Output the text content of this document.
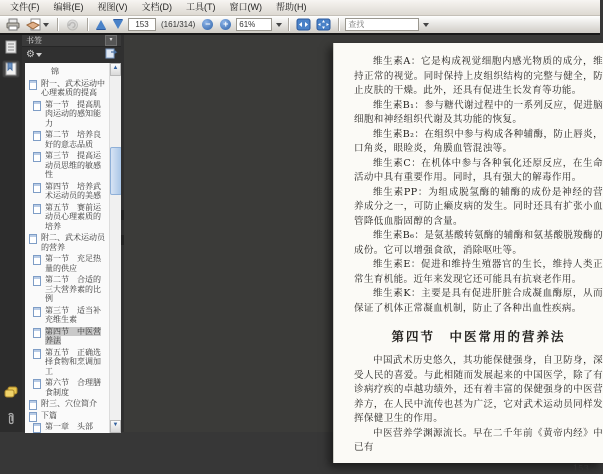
文件(F)	编辑(E)	视图(V)	文档(D)	工具(T)	窗口(W)	帮助(H)
153
(161/314)	−	+
61%
查找
书签	▾
⚙
锦
附一、武术运动中心理素质的提高
第一节　提高肌肉运动的感知能力
第二节　培养良好的意志品质
第三节　提高运动员思维的敏感性
第四节　培养武术运动员的美感
第五节　赛前运动员心理素质的培养
附二、武术运动员的营养
第一节　充足热量的供应
第二节　合适的三大营养素的比例
第三节　适当补充维生素
第四节　中医营养法
第五节　正确选择食物和烹调加工
第六节　合理膳食制度
附三、穴位简介
下篇
第一章　头部
▲
▼

维生素A：它是构成视觉细胞内感光物质的成分，维持正常的视觉。同时保持上皮组织结构的完整与健全，防止皮肤的干燥。此外，还具有促进生长发育等功能。

维生素B₁：参与糖代谢过程中的一系列反应，促进脑细胞和神经组织代谢及其功能的恢复。

维生素B₂：在组织中参与构成各种辅酶，防止唇炎，口角炎，眼睑炎，角膜血管混浊等。

维生素C：在机体中参与各种氧化还原反应，在生命活动中具有重要作用。同时，具有强大的解毒作用。

维生素PP：为组成脱氢酶的辅酶的成份是神经的营养成分之一，可防止癞皮病的发生。同时还具有扩张小血管降低血脂固醇的含量。

维生素B₆：是氨基酸转氨酶的辅酶和氨基酸脱羧酶的成份。它可以增强食欲，消除呕吐等。

维生素E：促进和维持生殖器官的生长，维持人类正常生育机能。近年来发现它还可能具有抗衰老作用。

维生素K：主要是具有促进肝脏合成凝血酶原，从而保证了机体正常凝血机制，防止了各种出血性疾病。

第四节　中医常用的营养法

中国武术历史悠久，其功能保健强身，自卫防身，深受人民的喜爱。与此相随而发展起来的中国医学，除了有诊病疗疾的卓越功绩外，还有着丰富的保健强身的中医营养方，在人民中流传也甚为广泛，它对武术运动员同样发挥保健卫生的作用。

中医营养学渊源流长。早在二千年前《黄帝内经》中已有

153
